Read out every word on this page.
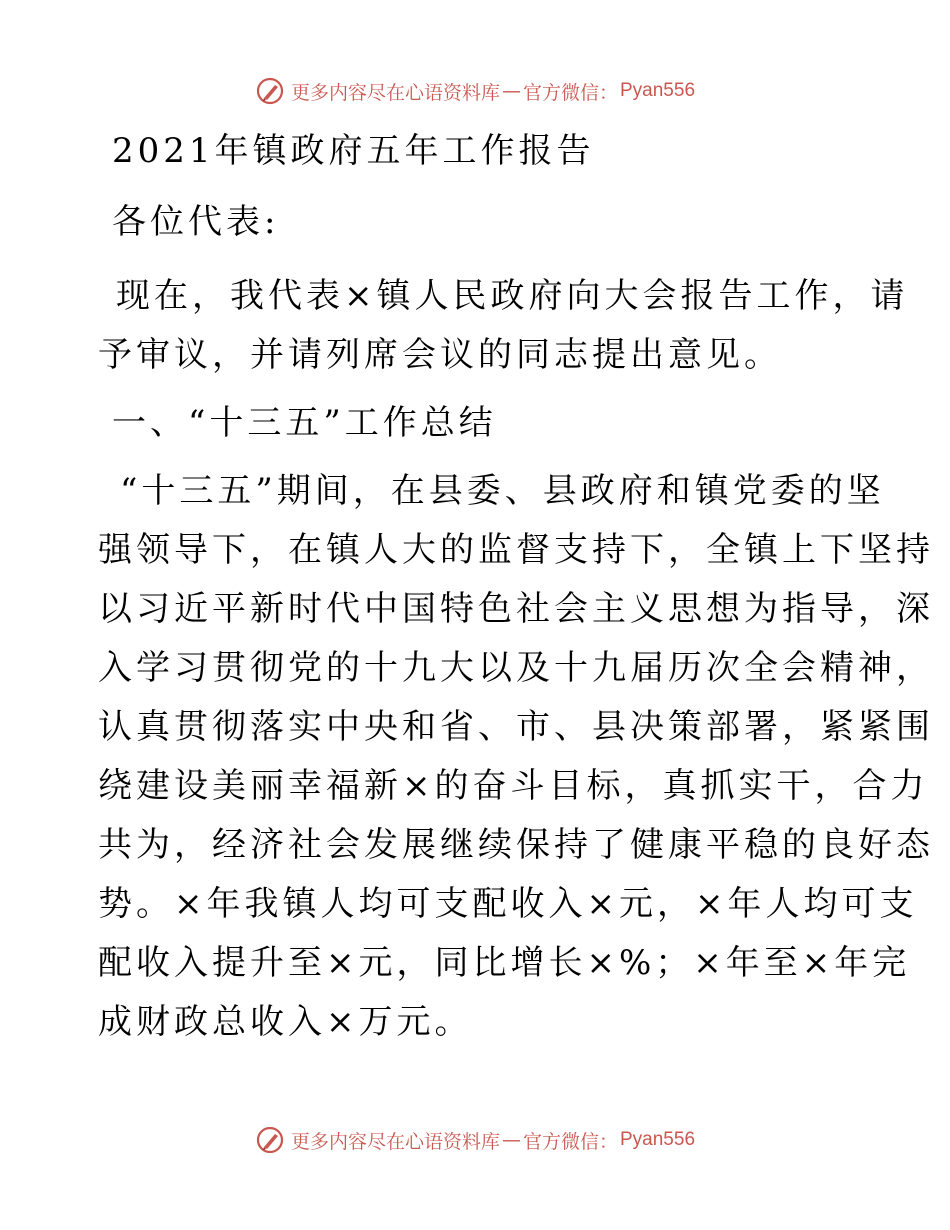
更多内容尽在心语资料库 — 官方微信： Pyan556
2021年镇政府五年工作报告
各位代表:
现在，我代表×镇人民政府向大会报告工作，请
予审议，并请列席会议的同志提出意见。
一、“十三五”工作总结
“十三五”期间，在县委、县政府和镇党委的坚
强领导下，在镇人大的监督支持下，全镇上下坚持
以习近平新时代中国特色社会主义思想为指导，深
入学习贯彻党的十九大以及十九届历次全会精神，
认真贯彻落实中央和省、市、县决策部署，紧紧围
绕建设美丽幸福新×的奋斗目标，真抓实干，合力
共为，经济社会发展继续保持了健康平稳的良好态
势。×年我镇人均可支配收入×元，×年人均可支
配收入提升至×元，同比增长×%；×年至×年完
成财政总收入×万元。
更多内容尽在心语资料库 — 官方微信： Pyan556
